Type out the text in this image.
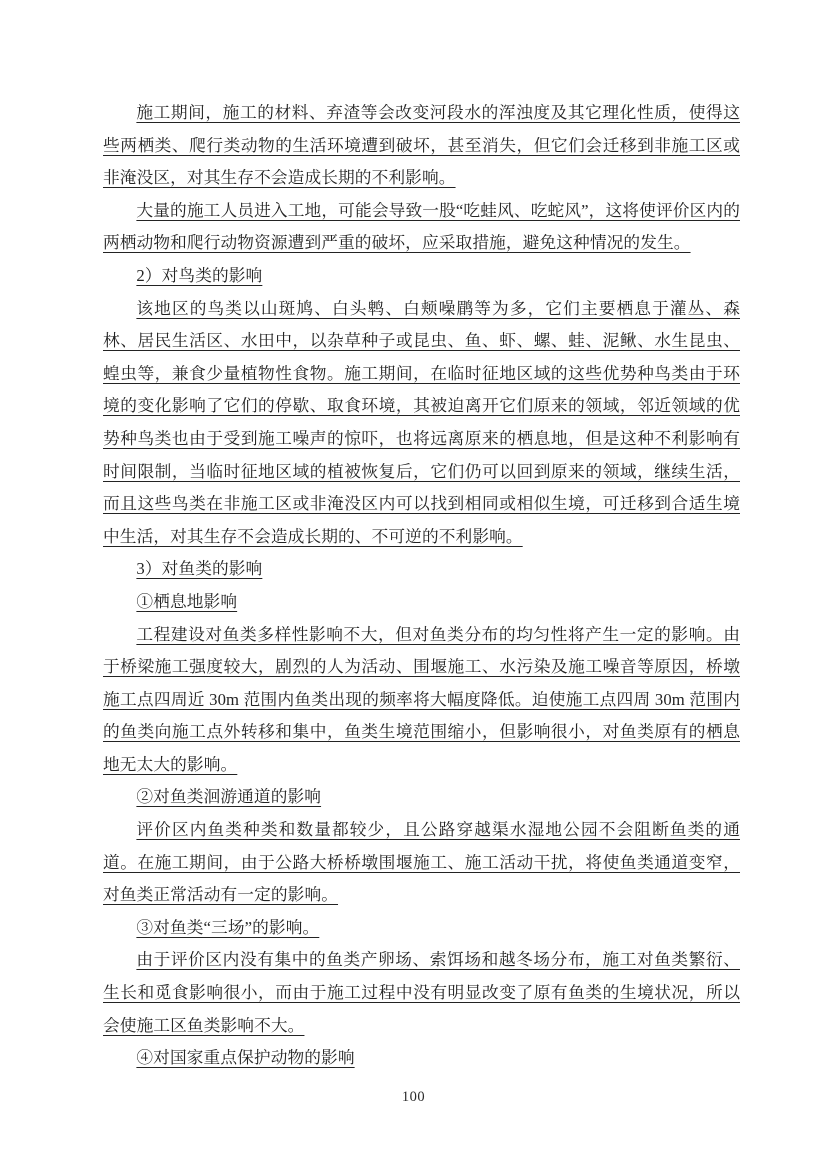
施工期间，施工的材料、弃渣等会改变河段水的浑浊度及其它理化性质，使得这些两栖类、爬行类动物的生活环境遭到破坏，甚至消失，但它们会迁移到非施工区或非淹没区，对其生存不会造成长期的不利影响。

大量的施工人员进入工地，可能会导致一股“吃蛙风、吃蛇风”，这将使评价区内的两栖动物和爬行动物资源遭到严重的破坏，应采取措施，避免这种情况的发生。

2）对鸟类的影响

该地区的鸟类以山斑鸠、白头鹎、白颊噪鹛等为多，它们主要栖息于灌丛、森林、居民生活区、水田中，以杂草种子或昆虫、鱼、虾、螺、蛙、泥鳅、水生昆虫、蝗虫等，兼食少量植物性食物。施工期间，在临时征地区域的这些优势种鸟类由于环境的变化影响了它们的停歇、取食环境，其被迫离开它们原来的领域，邻近领域的优势种鸟类也由于受到施工噪声的惊吓，也将远离原来的栖息地，但是这种不利影响有时间限制，当临时征地区域的植被恢复后，它们仍可以回到原来的领域，继续生活，而且这些鸟类在非施工区或非淹没区内可以找到相同或相似生境，可迁移到合适生境中生活，对其生存不会造成长期的、不可逆的不利影响。

3）对鱼类的影响

①栖息地影响

工程建设对鱼类多样性影响不大，但对鱼类分布的均匀性将产生一定的影响。由于桥梁施工强度较大，剧烈的人为活动、围堰施工、水污染及施工噪音等原因，桥墩施工点四周近 30m 范围内鱼类出现的频率将大幅度降低。迫使施工点四周 30m 范围内的鱼类向施工点外转移和集中，鱼类生境范围缩小，但影响很小，对鱼类原有的栖息地无太大的影响。

②对鱼类洄游通道的影响

评价区内鱼类种类和数量都较少，且公路穿越渠水湿地公园不会阻断鱼类的通道。在施工期间，由于公路大桥桥墩围堰施工、施工活动干扰，将使鱼类通道变窄，对鱼类正常活动有一定的影响。

③对鱼类“三场”的影响。

由于评价区内没有集中的鱼类产卵场、索饵场和越冬场分布，施工对鱼类繁衍、生长和觅食影响很小，而由于施工过程中没有明显改变了原有鱼类的生境状况，所以会使施工区鱼类影响不大。

④对国家重点保护动物的影响

100
